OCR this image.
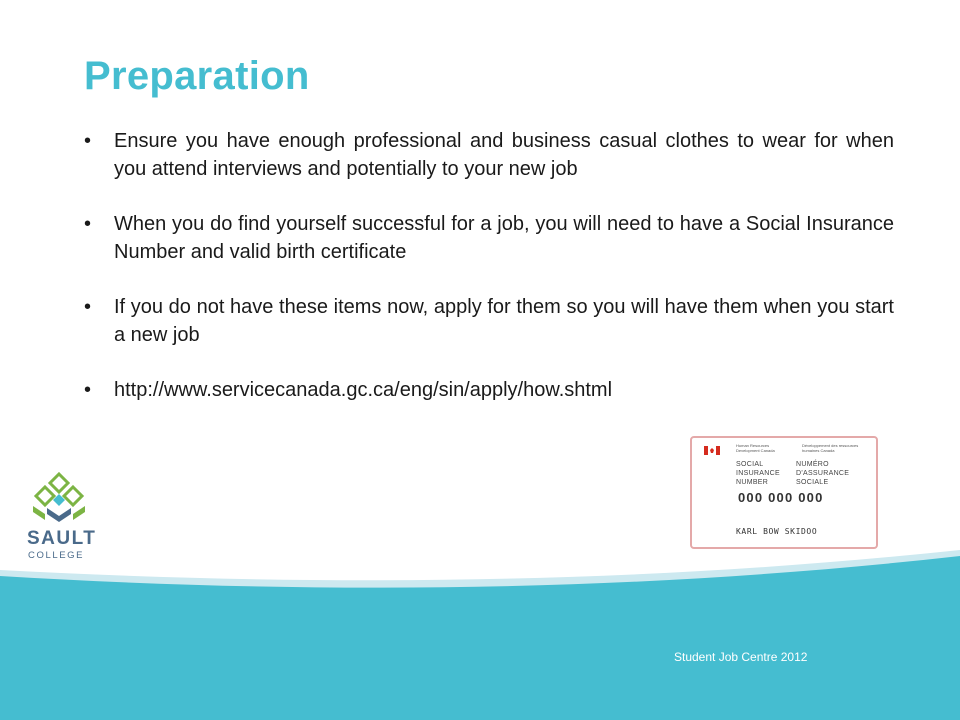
Preparation
• Ensure you have enough professional and business casual clothes to wear for when you attend interviews and potentially to your new job
• When you do find yourself successful for a job, you will need to have a Social Insurance Number and valid birth certificate
• If you do not have these items now, apply for them so you will have them when you start a new job
• http://www.servicecanada.gc.ca/eng/sin/apply/how.shtml
Human Resources Development Canada
Développement des ressources humaines Canada
SOCIAL
INSURANCE
NUMBER
NUMÉRO
D'ASSURANCE
SOCIALE
000 000 000
KARL BOW SKIDOO
Student Job Centre 2012
SAULT
COLLEGE
